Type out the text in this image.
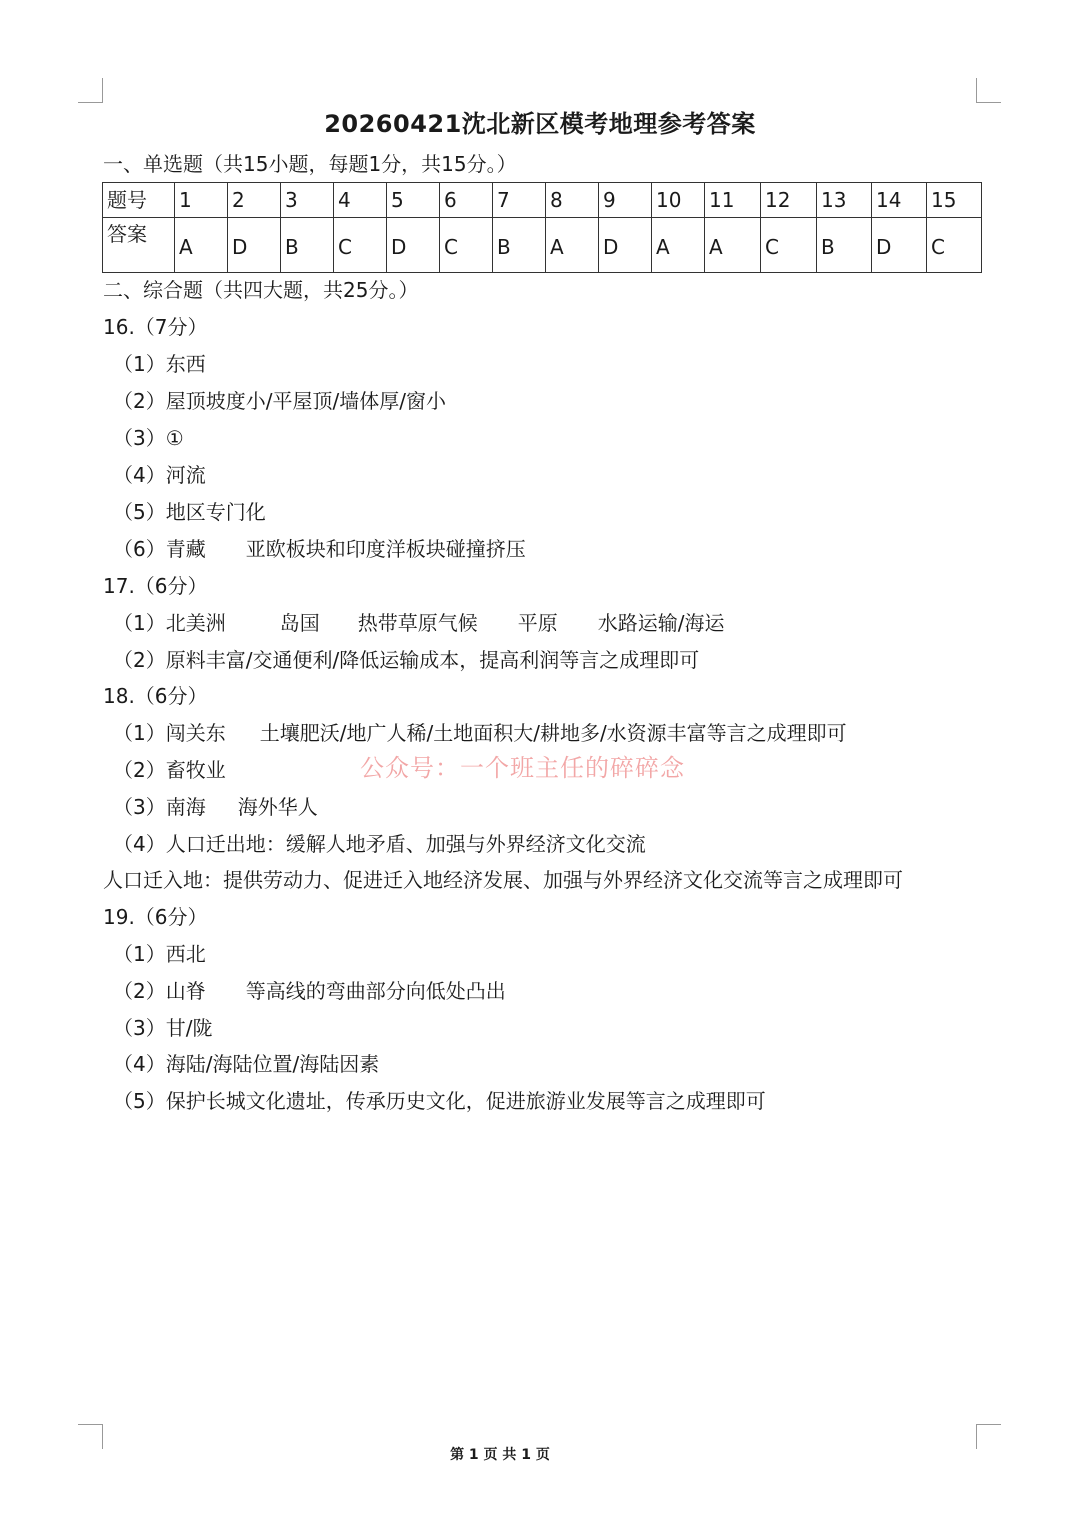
20260421沈北新区模考地理参考答案
一、单选题（共15小题，每题1分，共15分。）
题号	1	2	3	4	5	6	7	8	9	10	11	12	13	14	15
答案	A	D	B	C	D	C	B	A	D	A	A	C	B	D	C
二、综合题（共四大题，共25分。）
16.（7分）
（1）东西
（2）屋顶坡度小/平屋顶/墙体厚/窗小
（3）①
（4）河流
（5）地区专门化
（6）青藏 亚欧板块和印度洋板块碰撞挤压
17.（6分）
（1）北美洲	岛国 热带草原气候 平原 水路运输/海运
（2）原料丰富/交通便利/降低运输成本，提高利润等言之成理即可
18.（6分）
（1）闯关东 土壤肥沃/地广人稀/土地面积大/耕地多/水资源丰富等言之成理即可
（2）畜牧业
（3）南海 海外华人
（4）人口迁出地：缓解人地矛盾、加强与外界经济文化交流
人口迁入地：提供劳动力、促进迁入地经济发展、加强与外界经济文化交流等言之成理即可
19.（6分）
（1）西北
（2）山脊 等高线的弯曲部分向低处凸出
（3）甘/陇
（4）海陆/海陆位置/海陆因素
（5）保护长城文化遗址，传承历史文化，促进旅游业发展等言之成理即可
公众号：一个班主任的碎碎念
第 1 页 共 1 页
